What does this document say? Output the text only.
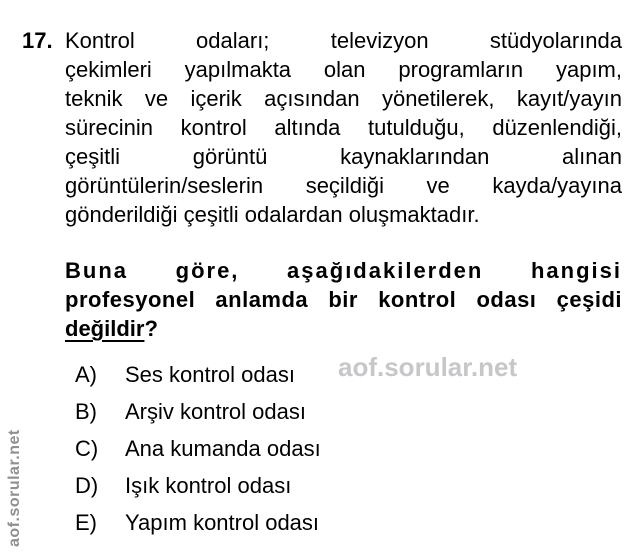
aof.sorular.net
aof.sorular.net
17. Kontrol odaları; televizyon stüdyolarında
çekimleri yapılmakta olan programların yapım,
teknik ve içerik açısından yönetilerek, kayıt/yayın
sürecinin kontrol altında tutulduğu, düzenlendiği,
çeşitli görüntü kaynaklarından alınan
görüntülerin/seslerin seçildiği ve kayda/yayına
gönderildiği çeşitli odalardan oluşmaktadır.
Buna göre, aşağıdakilerden hangisi
profesyonel anlamda bir kontrol odası çeşidi
değildir?
A)	Ses kontrol odası
B)	Arşiv kontrol odası
C)	Ana kumanda odası
D)	Işık kontrol odası
E)	Yapım kontrol odası
